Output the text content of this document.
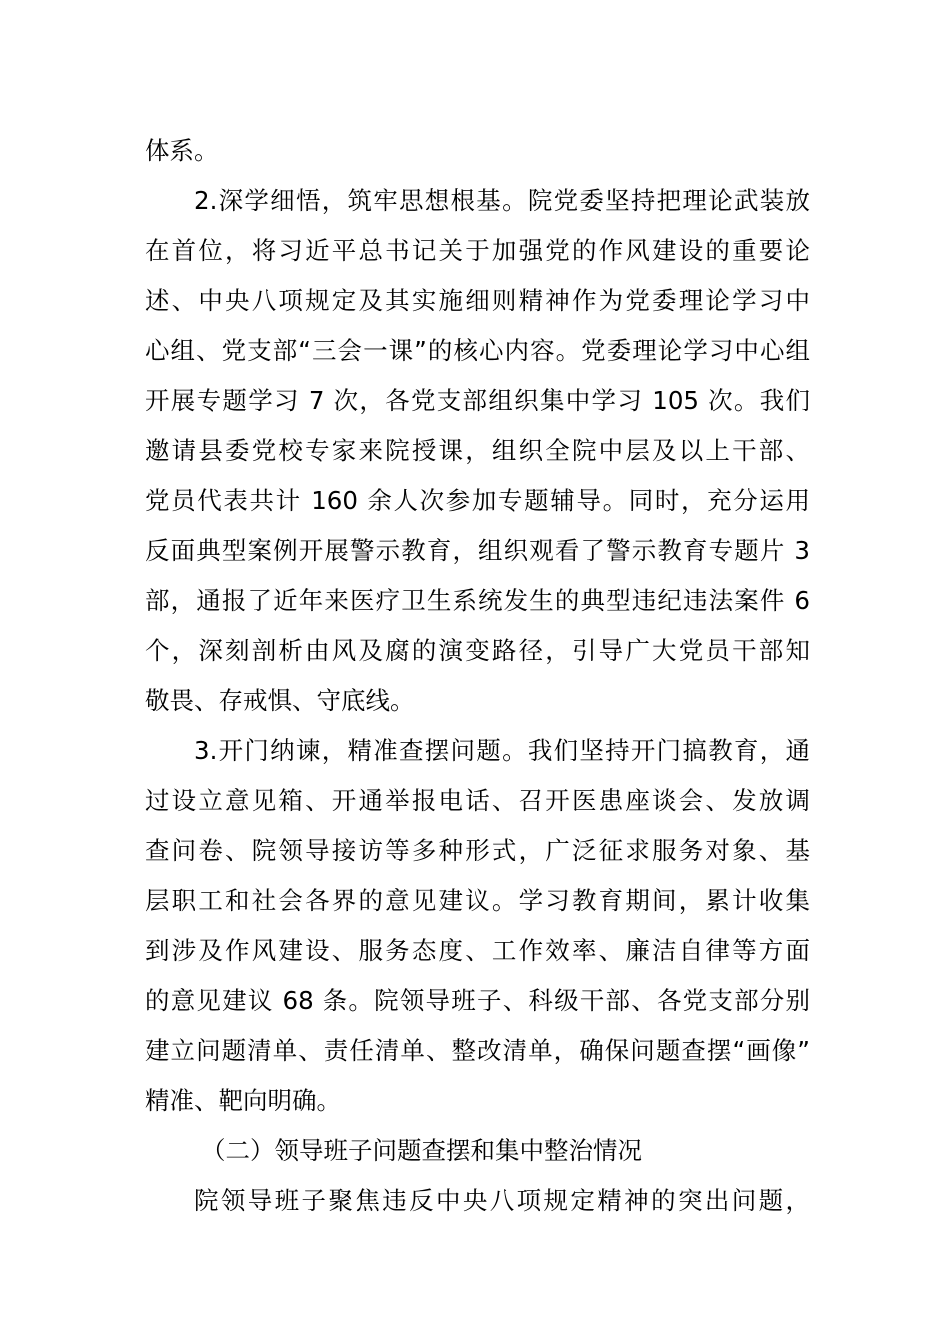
体系。
2.深学细悟，筑牢思想根基。院党委坚持把理论武装放
在首位，将习近平总书记关于加强党的作风建设的重要论
述、中央八项规定及其实施细则精神作为党委理论学习中
心组、党支部“三会一课”的核心内容。党委理论学习中心组
开展专题学习 7 次，各党支部组织集中学习 105 次。我们
邀请县委党校专家来院授课，组织全院中层及以上干部、
党员代表共计 160 余人次参加专题辅导。同时，充分运用
反面典型案例开展警示教育，组织观看了警示教育专题片 3
部，通报了近年来医疗卫生系统发生的典型违纪违法案件 6
个，深刻剖析由风及腐的演变路径，引导广大党员干部知
敬畏、存戒惧、守底线。
3.开门纳谏，精准查摆问题。我们坚持开门搞教育，通
过设立意见箱、开通举报电话、召开医患座谈会、发放调
查问卷、院领导接访等多种形式，广泛征求服务对象、基
层职工和社会各界的意见建议。学习教育期间，累计收集
到涉及作风建设、服务态度、工作效率、廉洁自律等方面
的意见建议 68 条。院领导班子、科级干部、各党支部分别
建立问题清单、责任清单、整改清单，确保问题查摆“画像”
精准、靶向明确。
（二）领导班子问题查摆和集中整治情况
院领导班子聚焦违反中央八项规定精神的突出问题，
